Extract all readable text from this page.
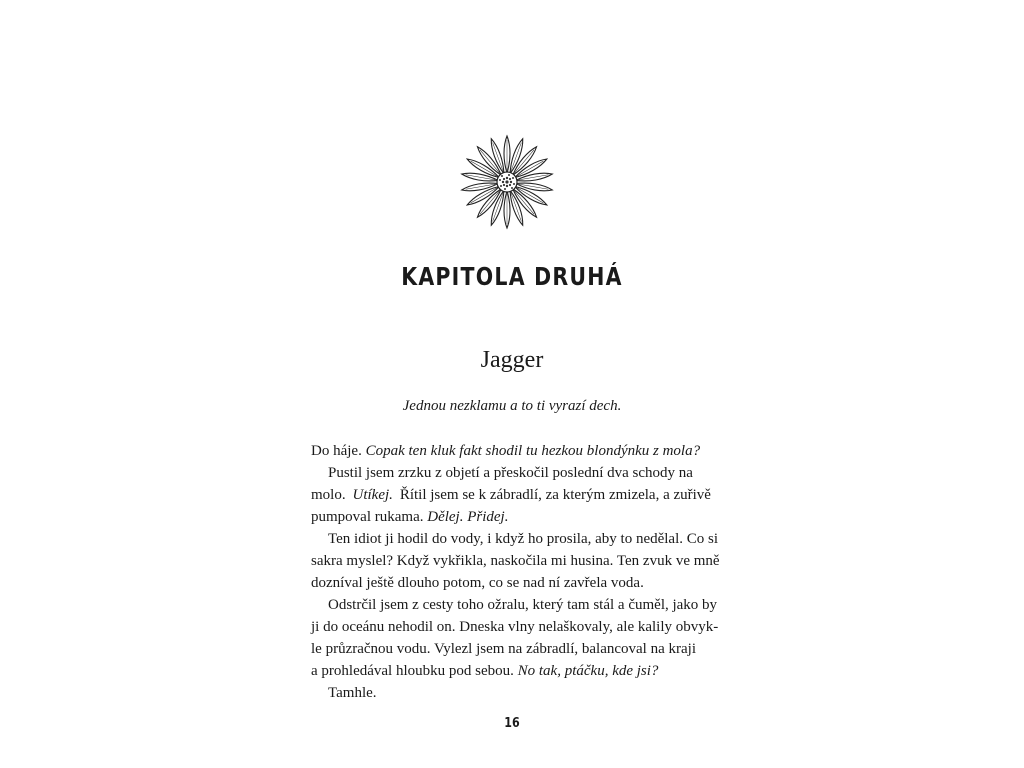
KAPITOLA DRUHÁ
Jagger
Jednou nezklamu a to ti vyrazí dech.
Do háje.
Copak ten kluk fakt shodil tu hezkou blondýnku z mola?
Pustil jsem zrzku z objetí a přeskočil poslední dva schody na
molo. Utíkej. Řítil jsem se k zábradlí, za kterým zmizela, a zuřivě
pumpoval rukama.
Dělej. Přidej.
Ten idiot ji hodil do vody, i když ho prosila, aby to nedělal. Co si
sakra myslel? Když vykřikla, naskočila mi husina. Ten zvuk ve mně
dozníval ještě dlouho potom, co se nad ní zavřela voda.
Odstrčil jsem z cesty toho ožralu, který tam stál a čuměl, jako by
ji do oceánu nehodil on. Dneska vlny nelaškovaly, ale kalily obvyk-
le průzračnou vodu. Vylezl jsem na zábradlí, balancoval na kraji
a prohledával hloubku pod sebou.
No tak, ptáčku, kde jsi?
Tamhle.
16
